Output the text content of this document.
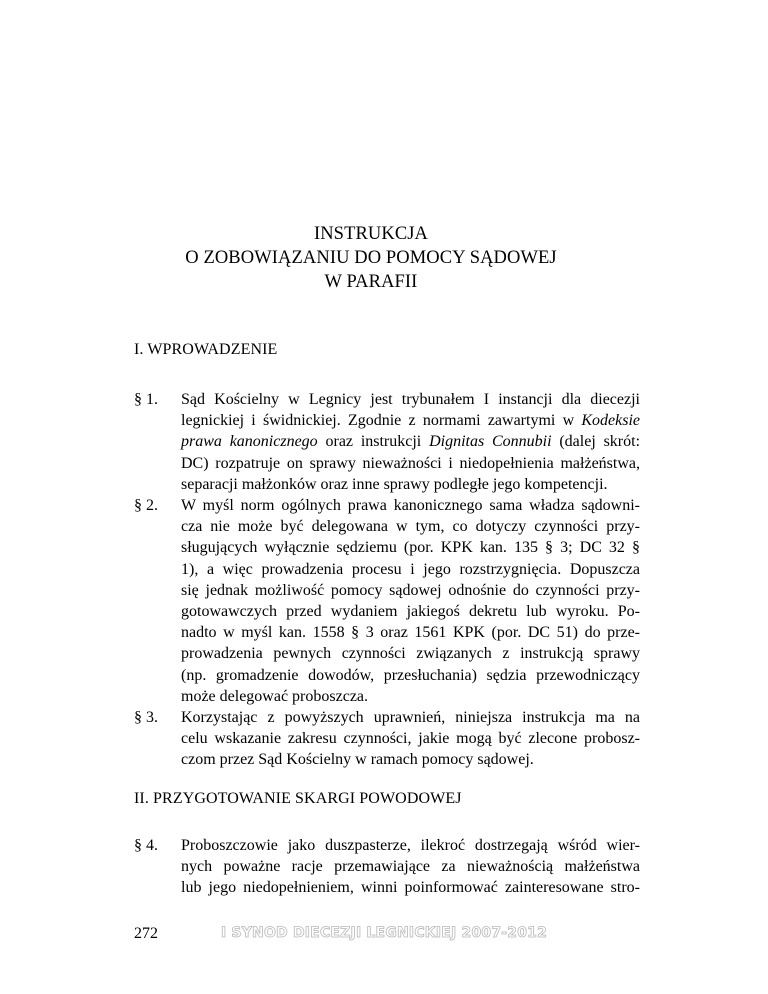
INSTRUKCJA
O ZOBOWIĄZANIU DO POMOCY SĄDOWEJ
W PARAFII
I. WPROWADZENIE
§ 1. Sąd Kościelny w Legnicy jest trybunałem I instancji dla diecezji
legnickiej i świdnickiej. Zgodnie z normami zawartymi w Kodeksie
prawa kanonicznego oraz instrukcji Dignitas Connubii (dalej skrót:
DC) rozpatruje on sprawy nieważności i niedopełnienia małżeństwa,
separacji małżonków oraz inne sprawy podległe jego kompetencji.
§ 2. W myśl norm ogólnych prawa kanonicznego sama władza sądowni-
cza nie może być delegowana w tym, co dotyczy czynności przy-
sługujących wyłącznie sędziemu (por. KPK kan. 135 § 3; DC 32 §
1), a więc prowadzenia procesu i jego rozstrzygnięcia. Dopuszcza
się jednak możliwość pomocy sądowej odnośnie do czynności przy-
gotowawczych przed wydaniem jakiegoś dekretu lub wyroku. Po-
nadto w myśl kan. 1558 § 3 oraz 1561 KPK (por. DC 51) do prze-
prowadzenia pewnych czynności związanych z instrukcją sprawy
(np. gromadzenie dowodów, przesłuchania) sędzia przewodniczący
może delegować proboszcza.
§ 3. Korzystając z powyższych uprawnień, niniejsza instrukcja ma na
celu wskazanie zakresu czynności, jakie mogą być zlecone probosz-
czom przez Sąd Kościelny w ramach pomocy sądowej.
II. PRZYGOTOWANIE SKARGI POWODOWEJ
§ 4. Proboszczowie jako duszpasterze, ilekroć dostrzegają wśród wier-
nych poważne racje przemawiające za nieważnością małżeństwa
lub jego niedopełnieniem, winni poinformować zainteresowane stro-
272	I SYNOD DIECEZJI LEGNICKIEJ 2007-2012
